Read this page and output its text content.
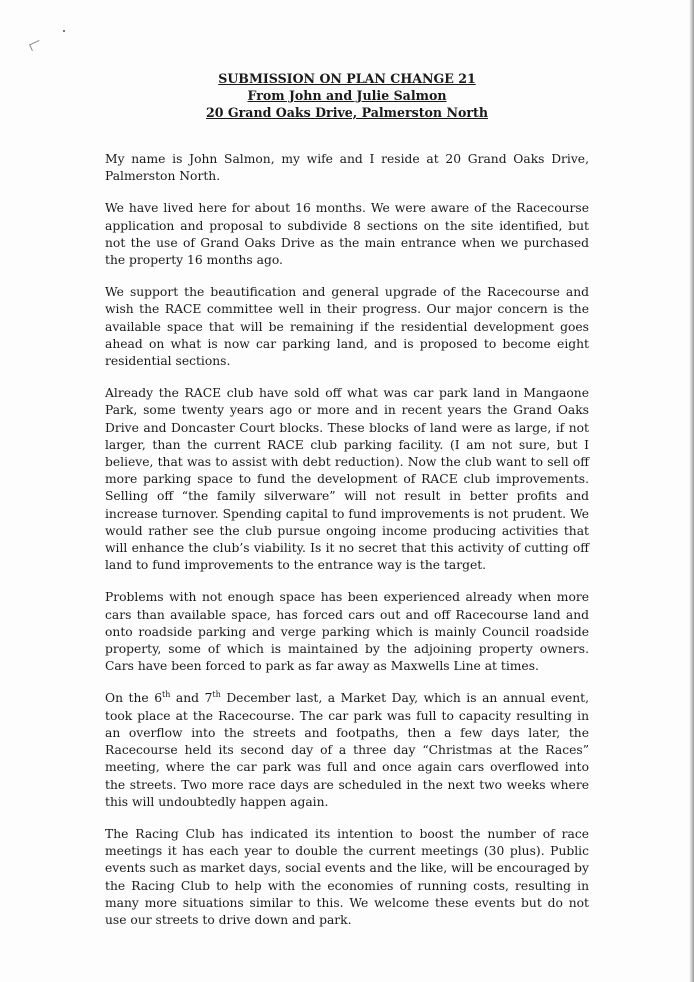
SUBMISSION ON PLAN CHANGE 21
From John and Julie Salmon
20 Grand Oaks Drive, Palmerston North

My name is John Salmon, my wife and I reside at 20 Grand Oaks Drive, Palmerston North.

We have lived here for about 16 months. We were aware of the Racecourse application and proposal to subdivide 8 sections on the site identified, but not the use of Grand Oaks Drive as the main entrance when we purchased the property 16 months ago.

We support the beautification and general upgrade of the Racecourse and wish the RACE committee well in their progress. Our major concern is the available space that will be remaining if the residential development goes ahead on what is now car parking land, and is proposed to become eight residential sections.

Already the RACE club have sold off what was car park land in Mangaone Park, some twenty years ago or more and in recent years the Grand Oaks Drive and Doncaster Court blocks. These blocks of land were as large, if not larger, than the current RACE club parking facility. (I am not sure, but I believe, that was to assist with debt reduction). Now the club want to sell off more parking space to fund the development of RACE club improvements. Selling off “the family silverware” will not result in better profits and increase turnover. Spending capital to fund improvements is not prudent. We would rather see the club pursue ongoing income producing activities that will enhance the club’s viability. Is it no secret that this activity of cutting off land to fund improvements to the entrance way is the target.

Problems with not enough space has been experienced already when more cars than available space, has forced cars out and off Racecourse land and onto roadside parking and verge parking which is mainly Council roadside property, some of which is maintained by the adjoining property owners. Cars have been forced to park as far away as Maxwells Line at times.

On the 6th and 7th December last, a Market Day, which is an annual event, took place at the Racecourse. The car park was full to capacity resulting in an overflow into the streets and footpaths, then a few days later, the Racecourse held its second day of a three day “Christmas at the Races” meeting, where the car park was full and once again cars overflowed into the streets. Two more race days are scheduled in the next two weeks where this will undoubtedly happen again.

The Racing Club has indicated its intention to boost the number of race meetings it has each year to double the current meetings (30 plus). Public events such as market days, social events and the like, will be encouraged by the Racing Club to help with the economies of running costs, resulting in many more situations similar to this. We welcome these events but do not use our streets to drive down and park.
